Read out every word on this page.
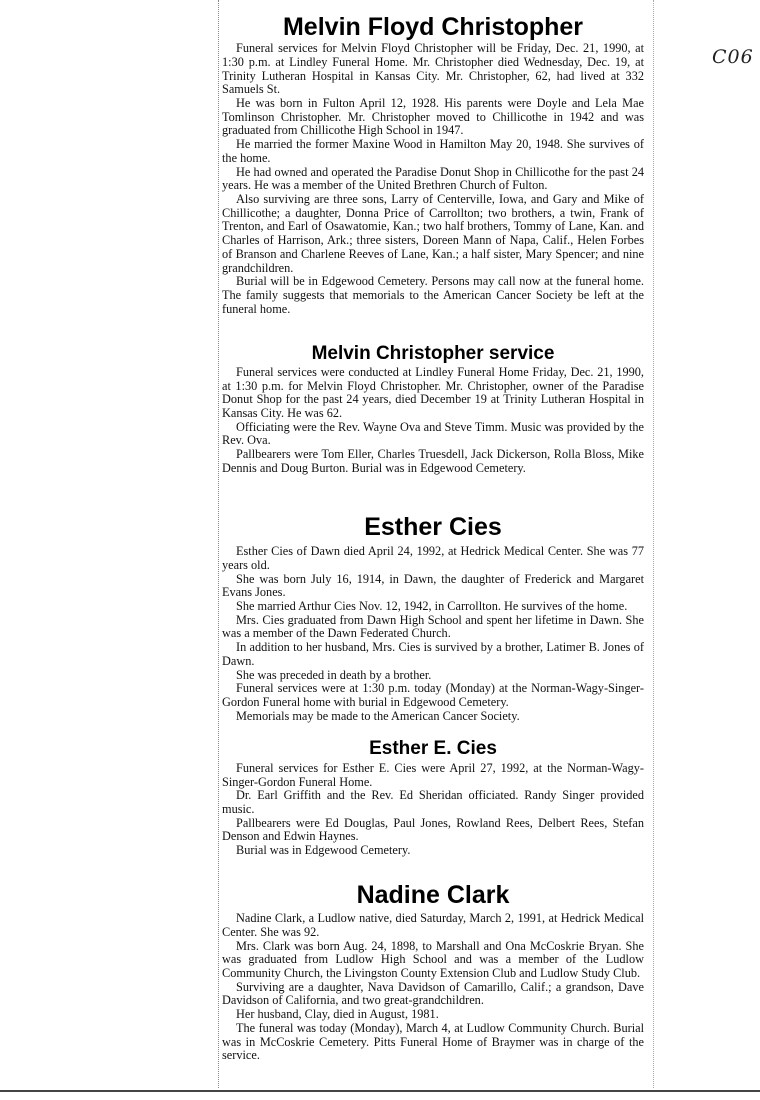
C06
Melvin Floyd Christopher

Funeral services for Melvin Floyd Christopher will be Friday, Dec. 21, 1990, at 1:30 p.m. at Lindley Funeral Home. Mr. Christopher died Wednesday, Dec. 19, at Trinity Lutheran Hospital in Kansas City. Mr. Christopher, 62, had lived at 332 Samuels St.

He was born in Fulton April 12, 1928. His parents were Doyle and Lela Mae Tomlinson Christopher. Mr. Christopher moved to Chillicothe in 1942 and was graduated from Chillicothe High School in 1947.

He married the former Maxine Wood in Hamilton May 20, 1948. She survives of the home.

He had owned and operated the Paradise Donut Shop in Chillicothe for the past 24 years. He was a member of the United Brethren Church of Fulton.

Also surviving are three sons, Larry of Centerville, Iowa, and Gary and Mike of Chillicothe; a daughter, Donna Price of Carrollton; two brothers, a twin, Frank of Trenton, and Earl of Osawatomie, Kan.; two half brothers, Tommy of Lane, Kan. and Charles of Harrison, Ark.; three sisters, Doreen Mann of Napa, Calif., Helen Forbes of Branson and Charlene Reeves of Lane, Kan.; a half sister, Mary Spencer; and nine grandchildren.

Burial will be in Edgewood Cemetery. Persons may call now at the funeral home. The family suggests that memorials to the American Cancer Society be left at the funeral home.

Melvin Christopher service

Funeral services were conducted at Lindley Funeral Home Friday, Dec. 21, 1990, at 1:30 p.m. for Melvin Floyd Christopher. Mr. Christopher, owner of the Paradise Donut Shop for the past 24 years, died December 19 at Trinity Lutheran Hospital in Kansas City. He was 62.

Officiating were the Rev. Wayne Ova and Steve Timm. Music was provided by the Rev. Ova.

Pallbearers were Tom Eller, Charles Truesdell, Jack Dickerson, Rolla Bloss, Mike Dennis and Doug Burton. Burial was in Edgewood Cemetery.

Esther Cies

Esther Cies of Dawn died April 24, 1992, at Hedrick Medical Center. She was 77 years old.

She was born July 16, 1914, in Dawn, the daughter of Frederick and Margaret Evans Jones.

She married Arthur Cies Nov. 12, 1942, in Carrollton. He survives of the home.

Mrs. Cies graduated from Dawn High School and spent her lifetime in Dawn. She was a member of the Dawn Federated Church.

In addition to her husband, Mrs. Cies is survived by a brother, Latimer B. Jones of Dawn.

She was preceded in death by a brother.

Funeral services were at 1:30 p.m. today (Monday) at the Norman-Wagy-Singer-Gordon Funeral home with burial in Edgewood Cemetery.

Memorials may be made to the American Cancer Society.

Esther E. Cies

Funeral services for Esther E. Cies were April 27, 1992, at the Norman-Wagy-Singer-Gordon Funeral Home.

Dr. Earl Griffith and the Rev. Ed Sheridan officiated. Randy Singer provided music.

Pallbearers were Ed Douglas, Paul Jones, Rowland Rees, Delbert Rees, Stefan Denson and Edwin Haynes.

Burial was in Edgewood Cemetery.

Nadine Clark

Nadine Clark, a Ludlow native, died Saturday, March 2, 1991, at Hedrick Medical Center. She was 92.

Mrs. Clark was born Aug. 24, 1898, to Marshall and Ona McCoskrie Bryan. She was graduated from Ludlow High School and was a member of the Ludlow Community Church, the Livingston County Extension Club and Ludlow Study Club.

Surviving are a daughter, Nava Davidson of Camarillo, Calif.; a grandson, Dave Davidson of California, and two great-grandchildren.

Her husband, Clay, died in August, 1981.

The funeral was today (Monday), March 4, at Ludlow Community Church. Burial was in McCoskrie Cemetery. Pitts Funeral Home of Braymer was in charge of the service.
